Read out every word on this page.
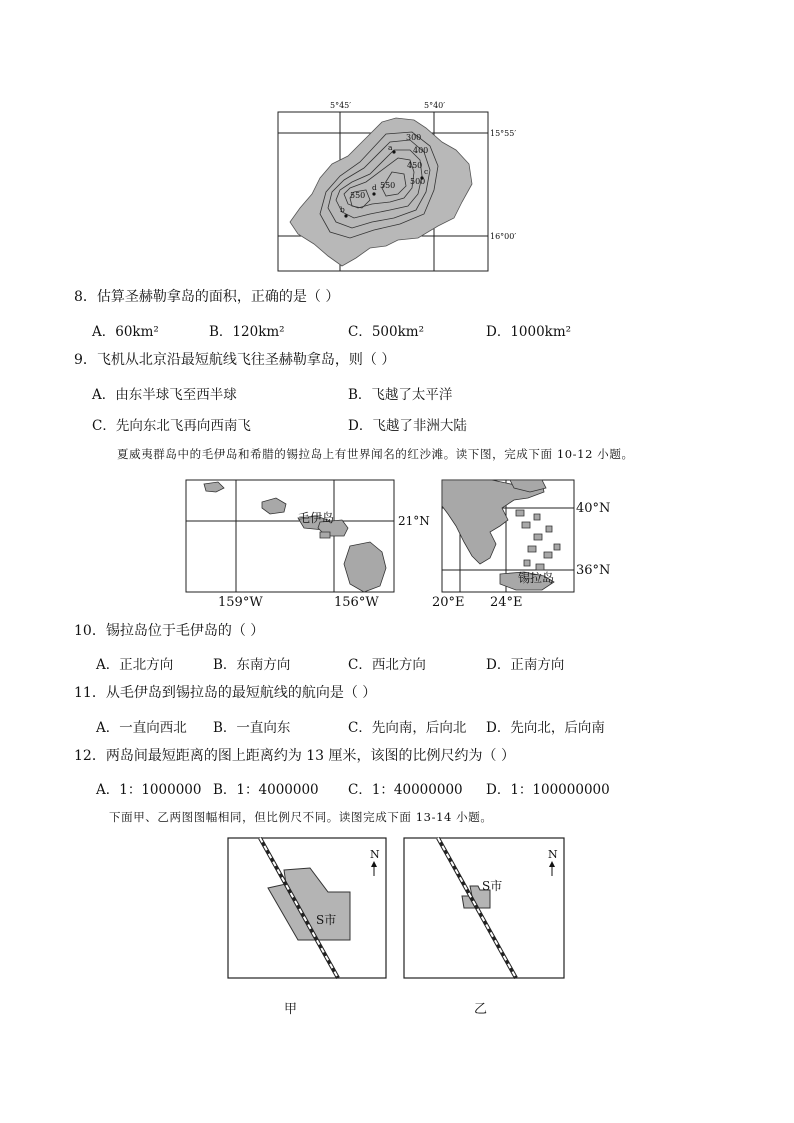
a
b
c
d
300
400
450
500
550
550
5°45′	5°40′
15°55′
16°00′
8．估算圣赫勒拿岛的面积，正确的是（ ）
A．60km²	B．120km²	C．500km²	D．1000km²
9．飞机从北京沿最短航线飞往圣赫勒拿岛，则（ ）
A．由东半球飞至西半球	B．飞越了太平洋
C．先向东北飞再向西南飞	D．飞越了非洲大陆
夏威夷群岛中的毛伊岛和希腊的锡拉岛上有世界闻名的红沙滩。读下图，完成下面 10-12 小题。
毛伊岛	21°N
159°W	156°W
锡拉岛
40°N
36°N
20°E 24°E
10．锡拉岛位于毛伊岛的（ ）
A．正北方向	B．东南方向	C．西北方向	D．正南方向
11．从毛伊岛到锡拉岛的最短航线的航向是（ ）
A．一直向西北 B．一直向东	C．先向南，后向北 D．先向北，后向南
12．两岛间最短距离的图上距离约为 13 厘米，该图的比例尺约为（ ）
A．1：1000000 B．1：4000000 C．1：40000000 D．1：100000000
下面甲、乙两图图幅相同，但比例尺不同。读图完成下面 13-14 小题。
S市
N
甲
S市
N
乙
